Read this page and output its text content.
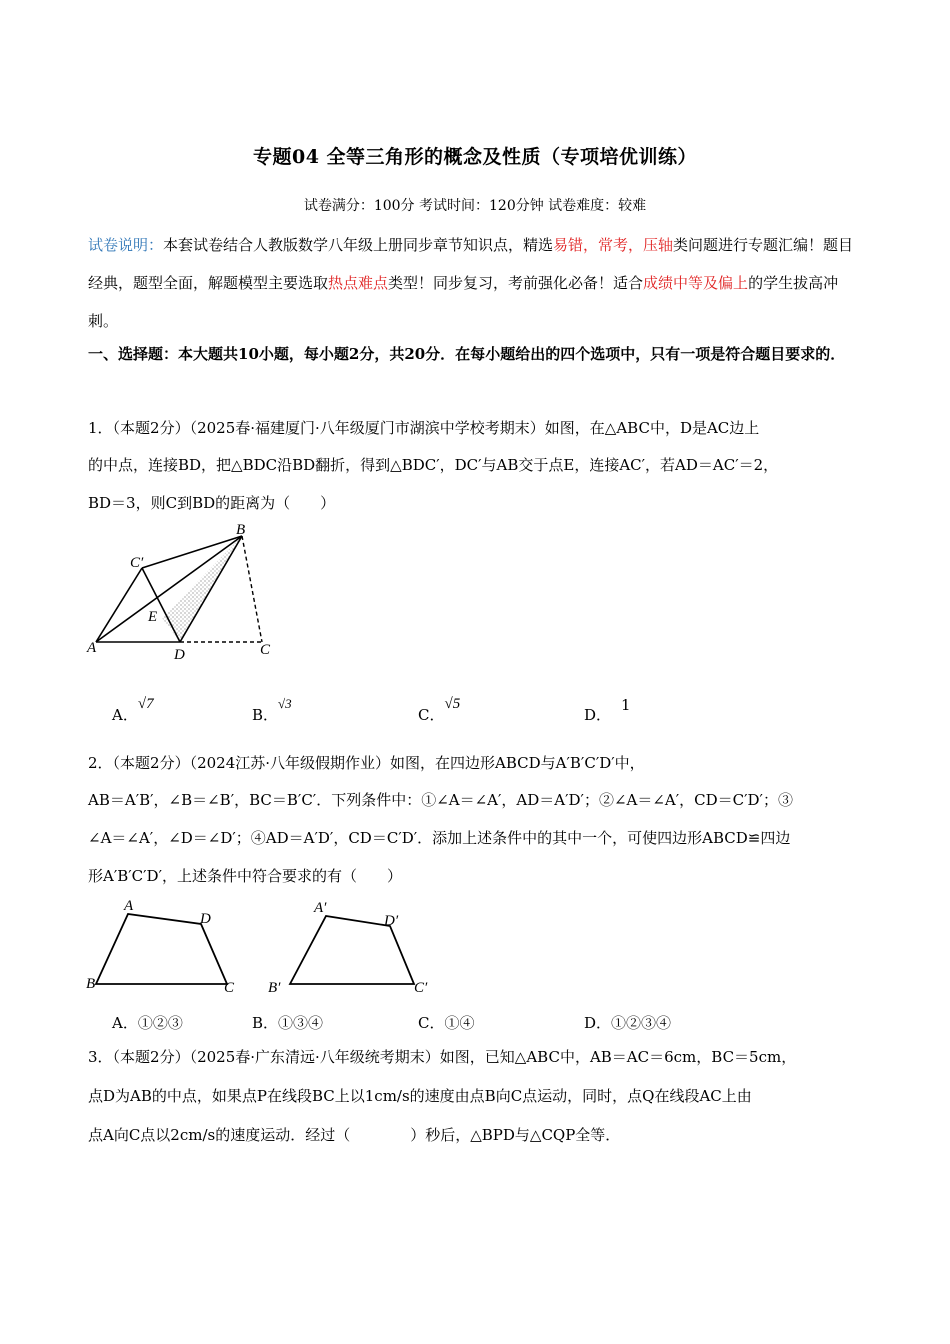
专题04 全等三角形的概念及性质（专项培优训练）
试卷满分：100分 考试时间：120分钟 试卷难度：较难
试卷说明：本套试卷结合人教版数学八年级上册同步章节知识点，精选易错，常考，压轴类问题进行专题汇编！题目经典，题型全面，解题模型主要选取热点难点类型！同步复习，考前强化必备！适合成绩中等及偏上的学生拔高冲刺。
一、选择题：本大题共10小题，每小题2分，共20分．在每小题给出的四个选项中，只有一项是符合题目要求的．
1．（本题2分）（2025春·福建厦门·八年级厦门市湖滨中学校考期末）如图，在△ABC中，D是AC边上
的中点，连接BD，把△BDC沿BD翻折，得到△BDC′，DC′与AB交于点E，连接AC′，若AD＝AC′＝2，
BD＝3，则C到BD的距离为（　　）
B
C′
E
A	D	C
A．√7
B．√3
C．√5
D．1
2．（本题2分）（2024江苏·八年级假期作业）如图，在四边形ABCD与A′B′C′D′中，
AB＝A′B′，∠B＝∠B′，BC＝B′C′．下列条件中：①∠A＝∠A′，AD＝A′D′；②∠A＝∠A′，CD＝C′D′；③
∠A＝∠A′，∠D＝∠D′；④AD＝A′D′，CD＝C′D′．添加上述条件中的其中一个，可使四边形ABCD≌四边
形A′B′C′D′，上述条件中符合要求的有（　　）
A
D
B	C
A′
D′
B′	C′
A．①②③	B．①③④	C．①④	D．①②③④
3．（本题2分）（2025春·广东清远·八年级统考期末）如图，已知△ABC中，AB＝AC＝6cm，BC＝5cm，
点D为AB的中点，如果点P在线段BC上以1cm/s的速度由点B向C点运动，同时，点Q在线段AC上由
点A向C点以2cm/s的速度运动．经过（　　　　）秒后，△BPD与△CQP全等．
